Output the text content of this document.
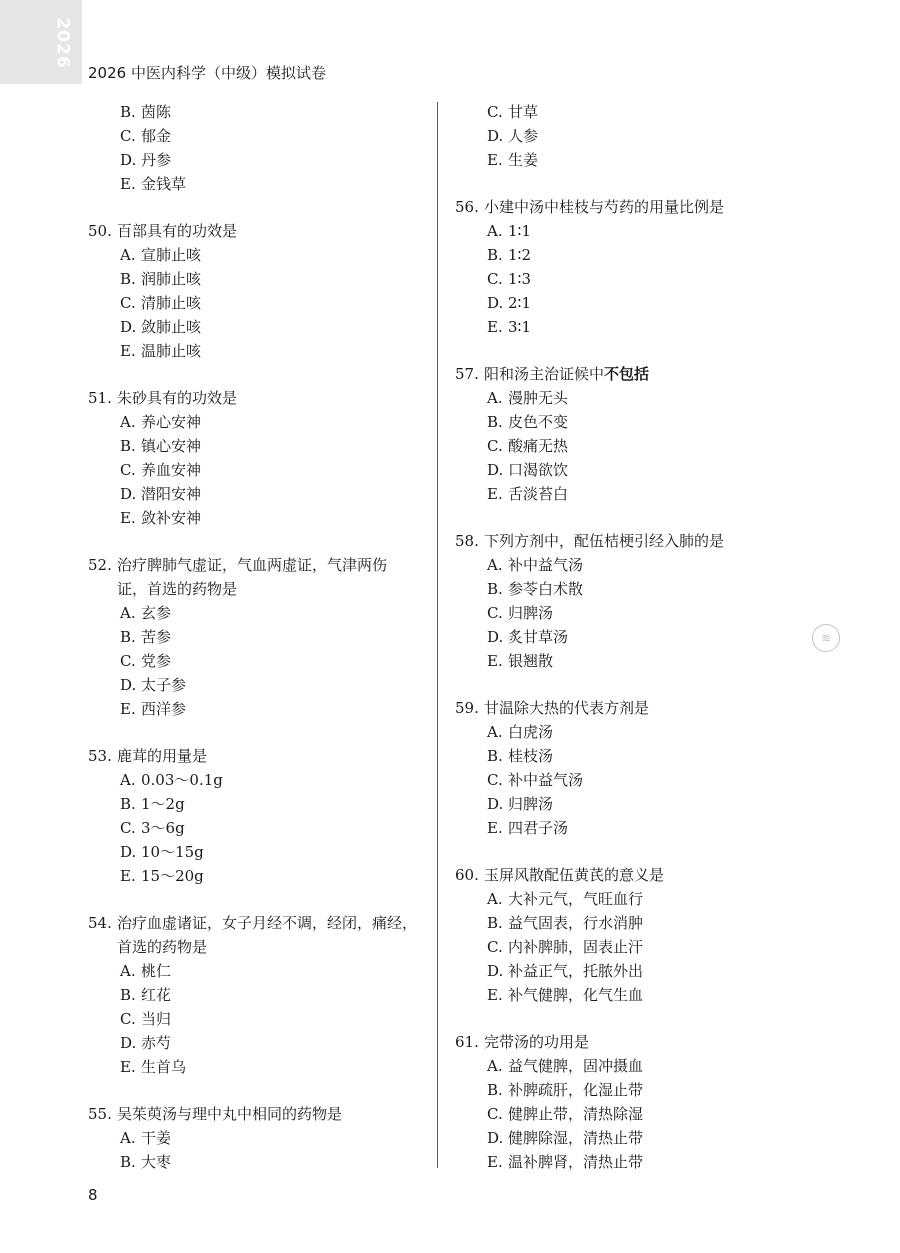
2026
2026 中医内科学（中级）模拟试卷
B. 茵陈
C. 郁金
D. 丹参
E. 金钱草
50. 百部具有的功效是
A. 宣肺止咳
B. 润肺止咳
C. 清肺止咳
D. 敛肺止咳
E. 温肺止咳
51. 朱砂具有的功效是
A. 养心安神
B. 镇心安神
C. 养血安神
D. 潜阳安神
E. 敛补安神
52. 治疗脾肺气虚证，气血两虚证，气津两伤
证，首选的药物是
A. 玄参
B. 苦参
C. 党参
D. 太子参
E. 西洋参
53. 鹿茸的用量是
A. 0.03～0.1g
B. 1～2g
C. 3～6g
D. 10～15g
E. 15～20g
54. 治疗血虚诸证，女子月经不调，经闭，痛经，
首选的药物是
A. 桃仁
B. 红花
C. 当归
D. 赤芍
E. 生首乌
55. 吴茱萸汤与理中丸中相同的药物是
A. 干姜
B. 大枣
C. 甘草
D. 人参
E. 生姜
56. 小建中汤中桂枝与芍药的用量比例是
A. 1∶1
B. 1∶2
C. 1∶3
D. 2∶1
E. 3∶1
57. 阳和汤主治证候中不包括
A. 漫肿无头
B. 皮色不变
C. 酸痛无热
D. 口渴欲饮
E. 舌淡苔白
58. 下列方剂中，配伍桔梗引经入肺的是
A. 补中益气汤
B. 参苓白术散
C. 归脾汤
D. 炙甘草汤
E. 银翘散
59. 甘温除大热的代表方剂是
A. 白虎汤
B. 桂枝汤
C. 补中益气汤
D. 归脾汤
E. 四君子汤
60. 玉屏风散配伍黄芪的意义是
A. 大补元气，气旺血行
B. 益气固表，行水消肿
C. 内补脾肺，固表止汗
D. 补益正气，托脓外出
E. 补气健脾，化气生血
61. 完带汤的功用是
A. 益气健脾，固冲摄血
B. 补脾疏肝，化湿止带
C. 健脾止带，清热除湿
D. 健脾除湿，清热止带
E. 温补脾肾，清热止带
≋
8
